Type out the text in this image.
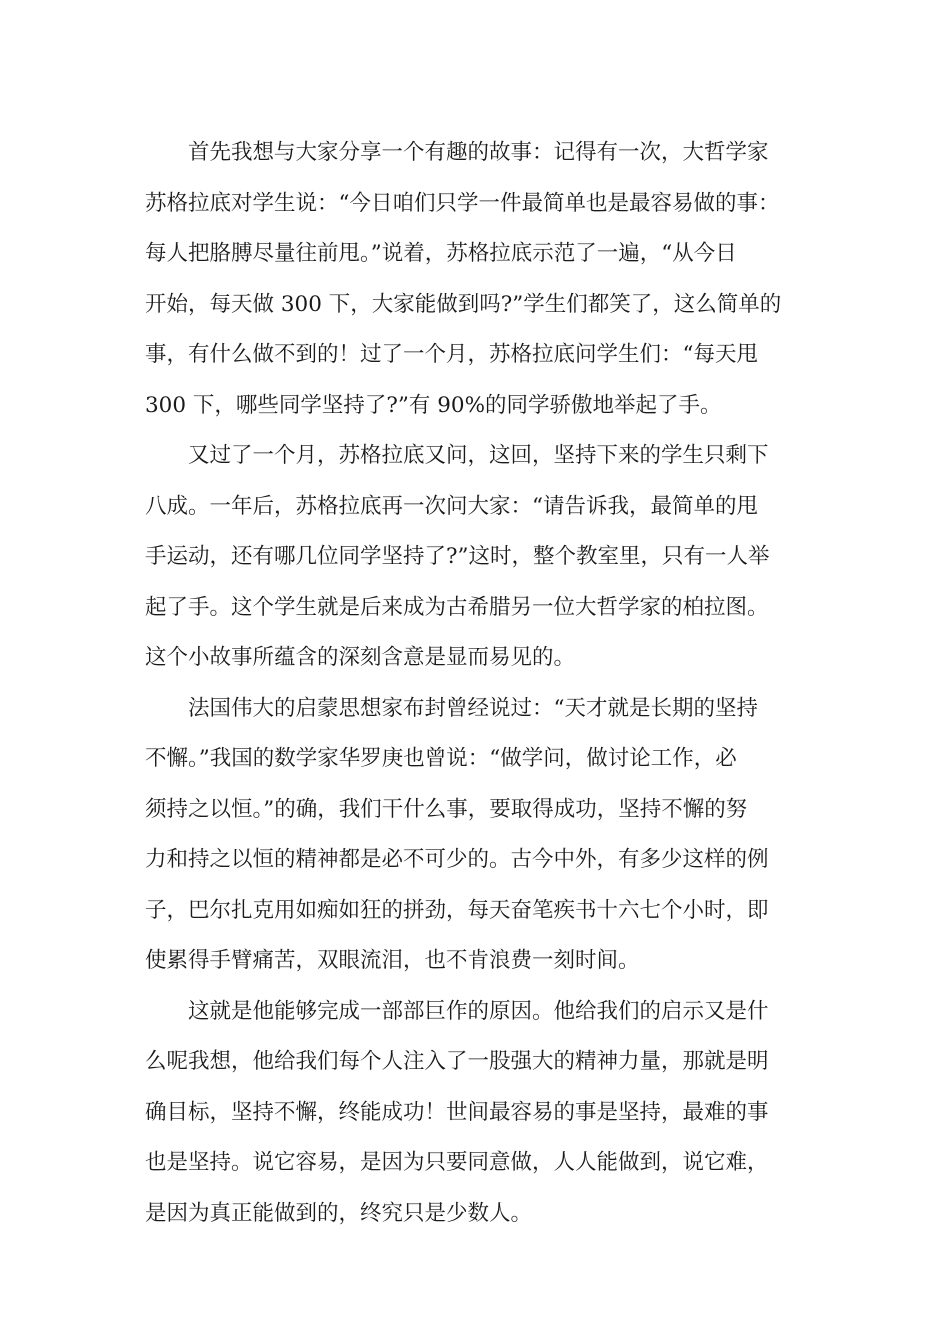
首先我想与大家分享一个有趣的故事：记得有一次，大哲学家
苏格拉底对学生说：“今日咱们只学一件最简单也是最容易做的事：
每人把胳膊尽量往前甩。”说着，苏格拉底示范了一遍，“从今日
开始，每天做 300 下，大家能做到吗?”学生们都笑了，这么简单的
事，有什么做不到的！过了一个月，苏格拉底问学生们：“每天甩
300 下，哪些同学坚持了?”有 90%的同学骄傲地举起了手。
又过了一个月，苏格拉底又问，这回，坚持下来的学生只剩下
八成。一年后，苏格拉底再一次问大家：“请告诉我，最简单的甩
手运动，还有哪几位同学坚持了?”这时，整个教室里，只有一人举
起了手。这个学生就是后来成为古希腊另一位大哲学家的柏拉图。
这个小故事所蕴含的深刻含意是显而易见的。
法国伟大的启蒙思想家布封曾经说过：“天才就是长期的坚持
不懈。”我国的数学家华罗庚也曾说：“做学问，做讨论工作，必
须持之以恒。”的确，我们干什么事，要取得成功，坚持不懈的努
力和持之以恒的精神都是必不可少的。古今中外，有多少这样的例
子，巴尔扎克用如痴如狂的拼劲，每天奋笔疾书十六七个小时，即
使累得手臂痛苦，双眼流泪，也不肯浪费一刻时间。
这就是他能够完成一部部巨作的原因。他给我们的启示又是什
么呢我想，他给我们每个人注入了一股强大的精神力量，那就是明
确目标，坚持不懈，终能成功！世间最容易的事是坚持，最难的事
也是坚持。说它容易，是因为只要同意做，人人能做到，说它难，
是因为真正能做到的，终究只是少数人。
